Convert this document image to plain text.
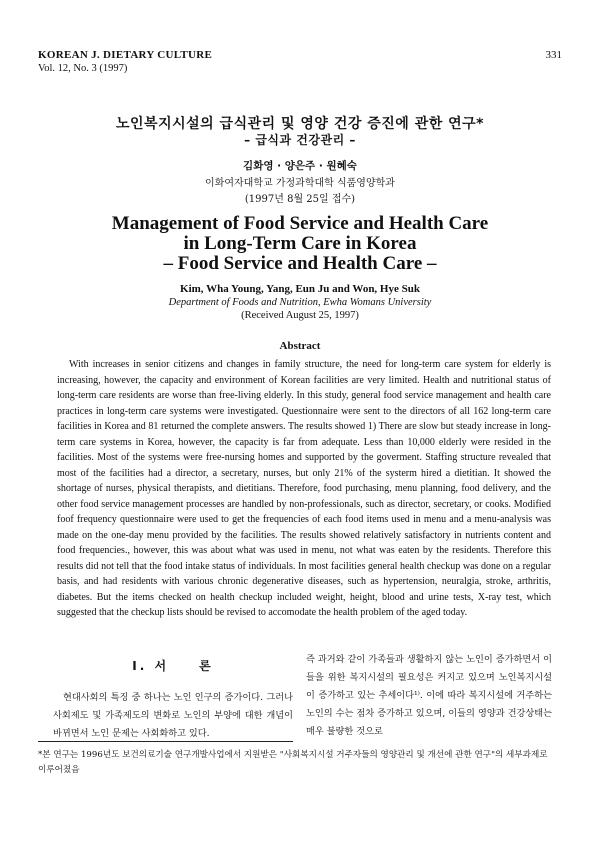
KOREAN J. DIETARY CULTURE
Vol. 12, No. 3 (1997)
331
노인복지시설의 급식관리 및 영양 건강 증진에 관한 연구*
– 급식과 건강관리 –
김화영 · 양은주 · 원혜숙
이화여자대학교 가정과학대학 식품영양학과
(1997년 8월 25일 접수)
Management of Food Service and Health Care
in Long-Term Care in Korea
– Food Service and Health Care –
Kim, Wha Young, Yang, Eun Ju and Won, Hye Suk
Department of Foods and Nutrition, Ewha Womans University
(Received August 25, 1997)
Abstract
With increases in senior citizens and changes in family structure, the need for long-term care system for elderly is increasing, however, the capacity and environment of Korean facilities are very limited. Health and nutritional status of long-term care residents are worse than free-living elderly. In this study, general food service management and health care practices in long-term care systems were investigated. Questionnaire were sent to the directors of all 162 long-term care facilities in Korea and 81 returned the complete answers. The results showed 1) There are slow but steady increase in long-term care systems in Korea, however, the capacity is far from adequate. Less than 10,000 elderly were resided in the facilities. Most of the systems were free-nursing homes and supported by the goverment. Staffing structure revealed that most of the facilities had a director, a secretary, nurses, but only 21% of the systerm hired a dietitian. It showed the shortage of nurses, physical therapists, and dietitians. Therefore, food purchasing, menu planning, food delivery, and the other food service management processes are handled by non-professionals, such as director, secretary, or cooks. Modified foof frequency questionnaire were used to get the frequencies of each food items used in menu and a menu-analysis was made on the one-day menu provided by the facilities. The results showed relatively satisfactory in nutrients content and food frequencies., however, this was about what was used in menu, not what was eaten by the residents. Therefore this results did not tell that the food intake status of individuals. In most facilities general health checkup was done on a regular basis, and had residents with various chronic degenerative diseases, such as hypertension, neuralgia, stroke, arthritis, diabetes. But the items checked on health checkup included weight, height, blood and urine tests, X-ray test, which suggested that the checkup lists should be revised to accomodate the health problem of the aged today.
I. 서　　론
현대사회의 특징 중 하나는 노인 인구의 증가이다. 그러나 사회제도 및 가족제도의 변화로 노인의 부양에 대한 개념이 바뀌면서 노인 문제는 사회화하고 있다.
즉 과거와 같이 가족들과 생활하지 않는 노인이 증가하면서 이들을 위한 복지시설의 필요성은 커지고 있으며 노인복지시설이 증가하고 있는 추세이다¹⁾. 이에 따라 복지시설에 거주하는 노인의 수는 점차 증가하고 있으며, 이들의 영양과 건강상태는 매우 불량한 것으로
*본 연구는 1996년도 보건의료기술 연구개발사업에서 지원받은 "사회복지시설 거주자들의 영양관리 및 개선에 관한 연구"의 세부과제로 이루어졌음
